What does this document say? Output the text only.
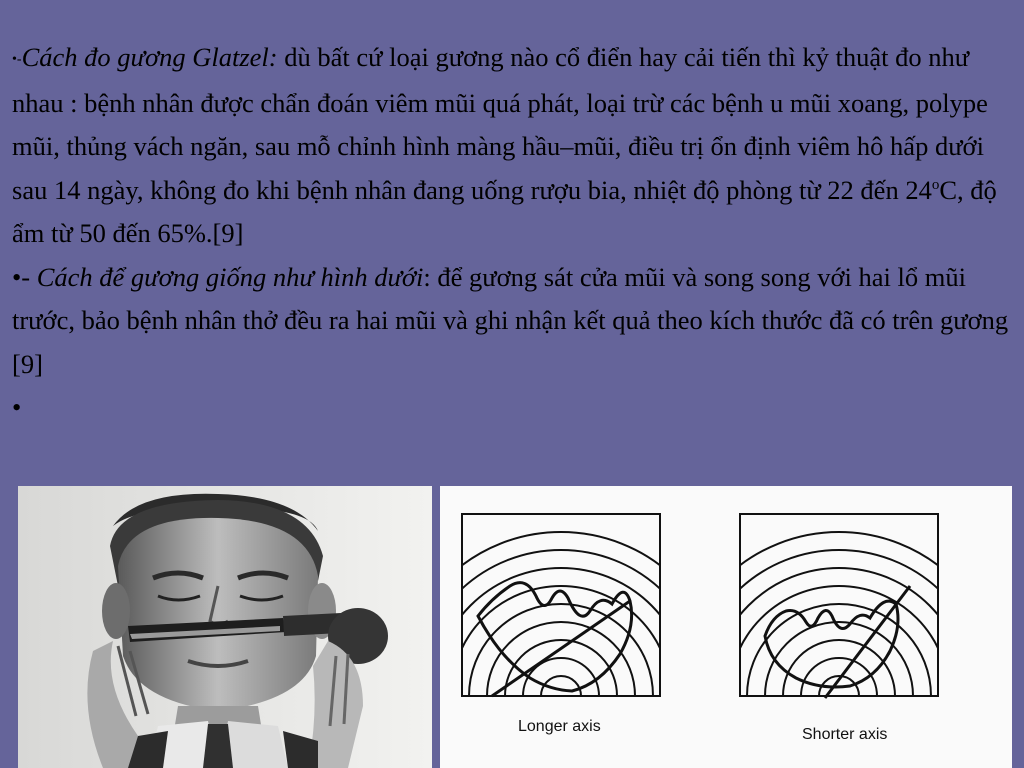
•-Cách đo gương Glatzel: dù bất cứ loại gương nào cổ điển hay cải tiến thì kỷ thuật đo như nhau : bệnh nhân được chẩn đoán viêm mũi quá phát, loại trừ các bệnh u mũi xoang, polype mũi, thủng vách ngăn, sau mỗ chỉnh hình màng hầu–mũi, điều trị ổn định viêm hô hấp dưới sau 14 ngày, không đo khi bệnh nhân đang uống rượu bia, nhiệt độ phòng từ 22 đến 24$^o$C, độ ẩm từ 50 đến 65%.[9]

•- Cách để gương giống như hình dưới: để gương sát cửa mũi và song song với hai lổ mũi trước, bảo bệnh nhân thở đều ra hai mũi và ghi nhận kết quả theo kích thước đã có trên gương [9]

•

Longer axis	Shorter axis
